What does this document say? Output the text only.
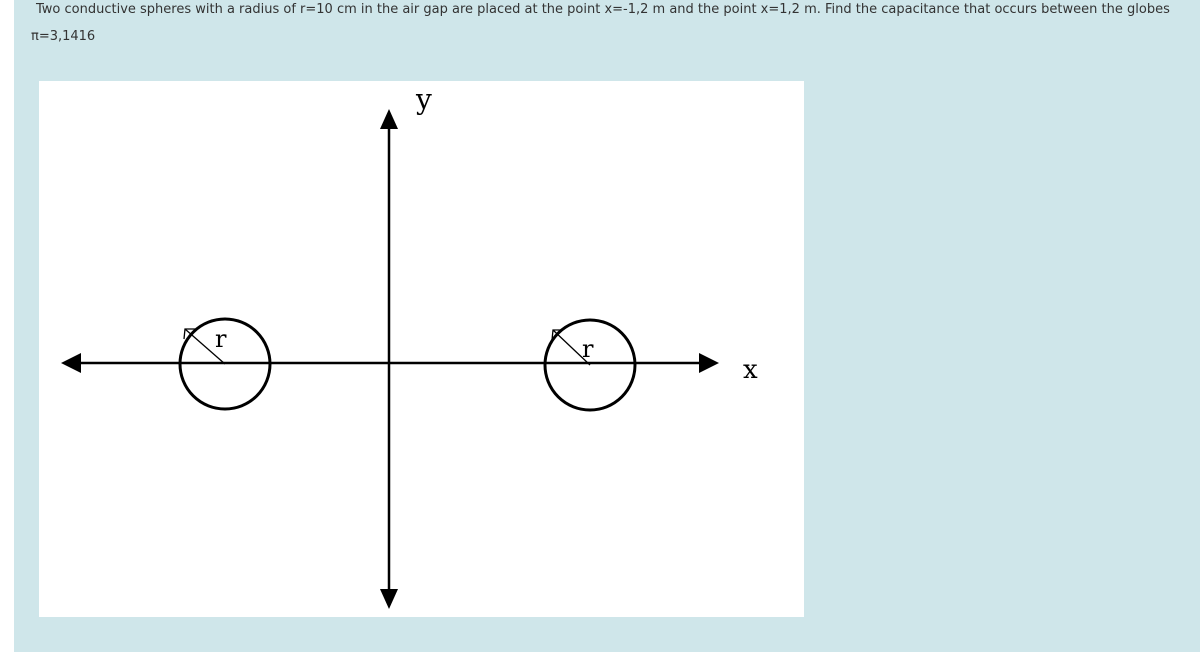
Two conductive spheres with a radius of r=10 cm in the air gap are placed at the point x=-1,2 m and the point x=1,2 m. Find the capacitance that occurs between the globes
π=3,1416
r	r
y
x
